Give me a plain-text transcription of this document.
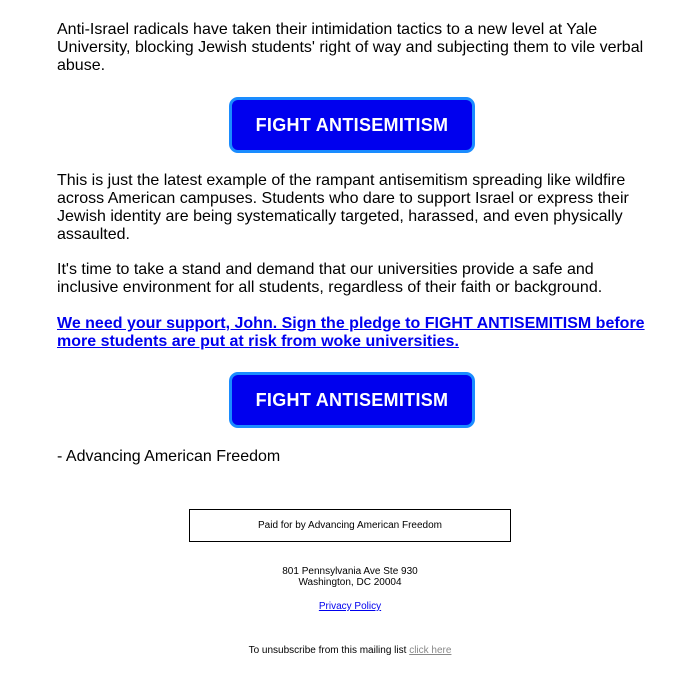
Anti-Israel radicals have taken their intimidation tactics to a new level at Yale University, blocking Jewish students' right of way and subjecting them to vile verbal abuse.

FIGHT ANTISEMITISM

This is just the latest example of the rampant antisemitism spreading like wildfire across American campuses. Students who dare to support Israel or express their Jewish identity are being systematically targeted, harassed, and even physically assaulted.

It's time to take a stand and demand that our universities provide a safe and inclusive environment for all students, regardless of their faith or background.

We need your support, John. Sign the pledge to FIGHT ANTISEMITISM before more students are put at risk from woke universities.
FIGHT ANTISEMITISM

- Advancing American Freedom

Paid for by Advancing American Freedom
801 Pennsylvania Ave Ste 930
Washington, DC 20004
Privacy Policy
To unsubscribe from this mailing list click here
